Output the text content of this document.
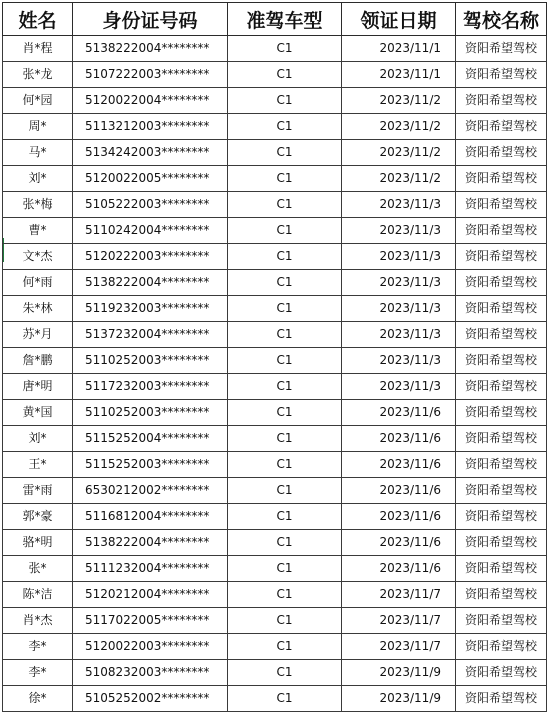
姓名	身份证号码	准驾车型	领证日期	驾校名称
肖*程	5138222004********	C1	2023/11/1	资阳希望驾校
张*龙	5107222003********	C1	2023/11/1	资阳希望驾校
何*园	5120022004********	C1	2023/11/2	资阳希望驾校
周*	5113212003********	C1	2023/11/2	资阳希望驾校
马*	5134242003********	C1	2023/11/2	资阳希望驾校
刘*	5120022005********	C1	2023/11/2	资阳希望驾校
张*梅	5105222003********	C1	2023/11/3	资阳希望驾校
曹*	5110242004********	C1	2023/11/3	资阳希望驾校
文*杰	5120222003********	C1	2023/11/3	资阳希望驾校
何*雨	5138222004********	C1	2023/11/3	资阳希望驾校
朱*林	5119232003********	C1	2023/11/3	资阳希望驾校
苏*月	5137232004********	C1	2023/11/3	资阳希望驾校
詹*鹏	5110252003********	C1	2023/11/3	资阳希望驾校
唐*明	5117232003********	C1	2023/11/3	资阳希望驾校
黄*国	5110252003********	C1	2023/11/6	资阳希望驾校
刘*	5115252004********	C1	2023/11/6	资阳希望驾校
王*	5115252003********	C1	2023/11/6	资阳希望驾校
雷*雨	6530212002********	C1	2023/11/6	资阳希望驾校
郭*豪	5116812004********	C1	2023/11/6	资阳希望驾校
骆*明	5138222004********	C1	2023/11/6	资阳希望驾校
张*	5111232004********	C1	2023/11/6	资阳希望驾校
陈*洁	5120212004********	C1	2023/11/7	资阳希望驾校
肖*杰	5117022005********	C1	2023/11/7	资阳希望驾校
李*	5120022003********	C1	2023/11/7	资阳希望驾校
李*	5108232003********	C1	2023/11/9	资阳希望驾校
徐*	5105252002********	C1	2023/11/9	资阳希望驾校
